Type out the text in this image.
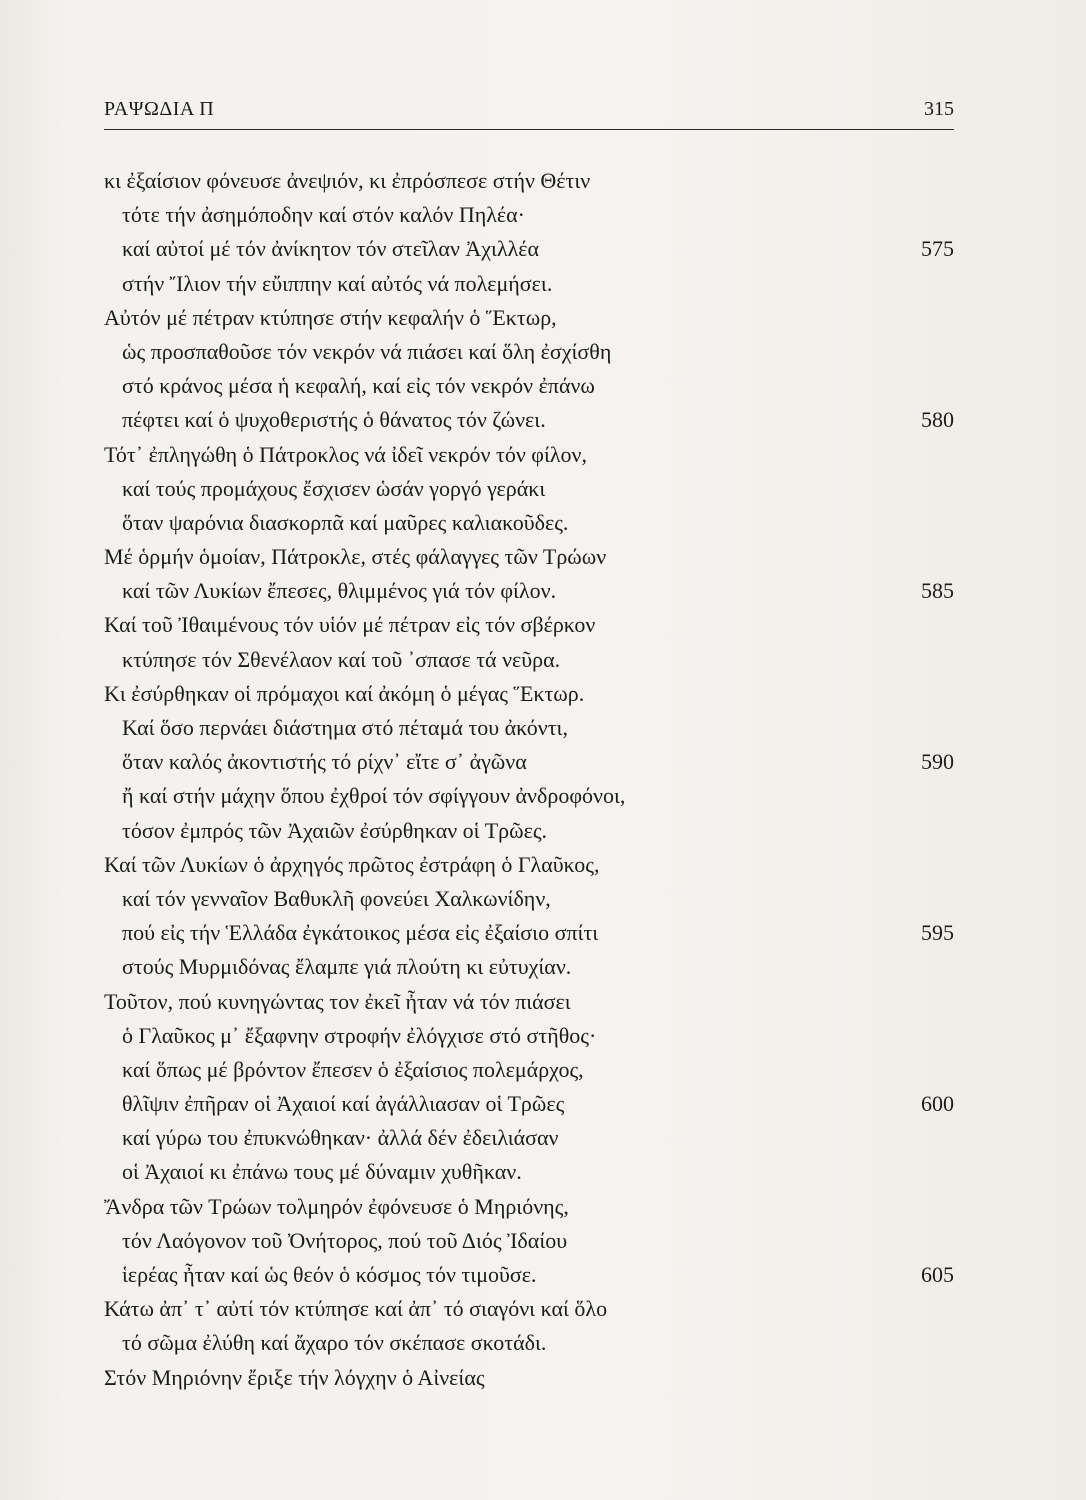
ΡΑΨΩΔΙΑ Π	315
κι ἐξαίσιον φόνευσε ἀνεψιόν, κι ἐπρόσπεσε στήν Θέτιν
τότε τήν ἀσημόποδην καί στόν καλόν Πηλέα·
καί αὐτοί μέ τόν ἀνίκητον τόν στεῖλαν Ἀχιλλέα	575
στήν Ἴλιον τήν εὔιππην καί αὐτός νά πολεμήσει.
Αὐτόν μέ πέτραν κτύπησε στήν κεφαλήν ὁ Ἕκτωρ,
ὡς προσπαθοῦσε τόν νεκρόν νά πιάσει καί ὅλη ἐσχίσθη
στό κράνος μέσα ἡ κεφαλή, καί εἰς τόν νεκρόν ἐπάνω
πέφτει καί ὁ ψυχοθεριστής ὁ θάνατος τόν ζώνει.	580
Τότ᾽ ἐπληγώθη ὁ Πάτροκλος νά ἰδεῖ νεκρόν τόν φίλον,
καί τούς προμάχους ἔσχισεν ὡσάν γοργό γεράκι
ὅταν ψαρόνια διασκορπᾶ καί μαῦρες καλιακοῦδες.
Μέ ὁρμήν ὁμοίαν, Πάτροκλε, στές φάλαγγες τῶν Τρώων
καί τῶν Λυκίων ἔπεσες, θλιμμένος γιά τόν φίλον.	585
Καί τοῦ Ἰθαιμένους τόν υἱόν μέ πέτραν εἰς τόν σβέρκον
κτύπησε τόν Σθενέλαον καί τοῦ ᾽σπασε τά νεῦρα.
Κι ἐσύρθηκαν οἱ πρόμαχοι καί ἀκόμη ὁ μέγας Ἕκτωρ.
Καί ὅσο περνάει διάστημα στό πέταμά του ἀκόντι,
ὅταν καλός ἀκοντιστής τό ρίχν᾽ εἴτε σ᾽ ἀγῶνα	590
ἤ καί στήν μάχην ὅπου ἐχθροί τόν σφίγγουν ἀνδροφόνοι,
τόσον ἐμπρός τῶν Ἀχαιῶν ἐσύρθηκαν οἱ Τρῶες.
Καί τῶν Λυκίων ὁ ἀρχηγός πρῶτος ἐστράφη ὁ Γλαῦκος,
καί τόν γενναῖον Βαθυκλῆ φονεύει Χαλκωνίδην,
πού εἰς τήν Ἑλλάδα ἐγκάτοικος μέσα εἰς ἐξαίσιο σπίτι	595
στούς Μυρμιδόνας ἔλαμπε γιά πλούτη κι εὐτυχίαν.
Τοῦτον, πού κυνηγώντας τον ἐκεῖ ἦταν νά τόν πιάσει
ὁ Γλαῦκος μ᾽ ἔξαφνην στροφήν ἐλόγχισε στό στῆθος·
καί ὅπως μέ βρόντον ἔπεσεν ὁ ἐξαίσιος πολεμάρχος,
θλῖψιν ἐπῆραν οἱ Ἀχαιοί καί ἀγάλλιασαν οἱ Τρῶες	600
καί γύρω του ἐπυκνώθηκαν· ἀλλά δέν ἐδειλιάσαν
οἱ Ἀχαιοί κι ἐπάνω τους μέ δύναμιν χυθῆκαν.
Ἄνδρα τῶν Τρώων τολμηρόν ἐφόνευσε ὁ Μηριόνης,
τόν Λαόγονον τοῦ Ὀνήτορος, πού τοῦ Διός Ἰδαίου
ἱερέας ἦταν καί ὡς θεόν ὁ κόσμος τόν τιμοῦσε.	605
Κάτω ἀπ᾽ τ᾽ αὐτί τόν κτύπησε καί ἀπ᾽ τό σιαγόνι καί ὅλο
τό σῶμα ἐλύθη καί ἄχαρο τόν σκέπασε σκοτάδι.
Στόν Μηριόνην ἔριξε τήν λόγχην ὁ Αἰνείας
